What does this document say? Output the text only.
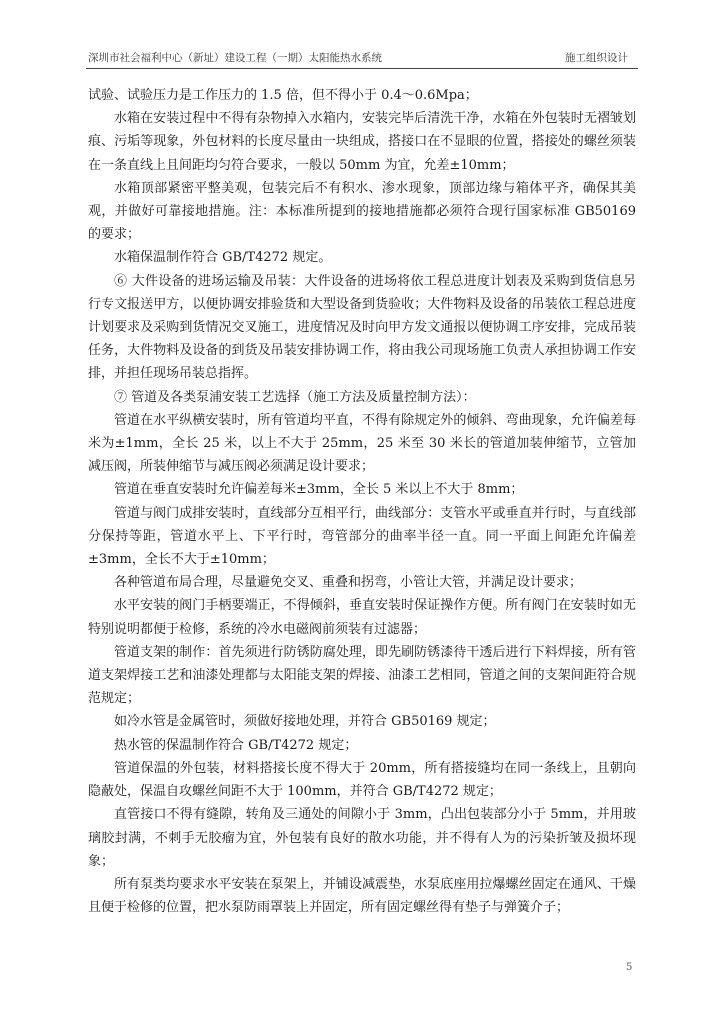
深圳市社会福利中心（新址）建设工程（一期）太阳能热水系统	施工组织设计

试验、试验压力是工作压力的 1.5 倍，但不得小于 0.4～0.6Mpa；

水箱在安装过程中不得有杂物掉入水箱内，安装完毕后清洗干净，水箱在外包装时无褶皱划痕、污垢等现象，外包材料的长度尽量由一块组成，搭接口在不显眼的位置，搭接处的螺丝须装在一条直线上且间距均匀符合要求，一般以 50mm 为宜，允差±10mm；

水箱顶部紧密平整美观，包装完后不有积水、渗水现象，顶部边缘与箱体平齐，确保其美观，并做好可靠接地措施。注：本标准所提到的接地措施都必须符合现行国家标准 GB50169 的要求；

水箱保温制作符合 GB/T4272 规定。

⑥ 大件设备的进场运输及吊装：大件设备的进场将依工程总进度计划表及采购到货信息另行专文报送甲方，以便协调安排验货和大型设备到货验收；大件物料及设备的吊装依工程总进度计划要求及采购到货情况交叉施工，进度情况及时向甲方发文通报以便协调工序安排，完成吊装任务，大件物料及设备的到货及吊装安排协调工作，将由我公司现场施工负责人承担协调工作安排，并担任现场吊装总指挥。

⑦ 管道及各类泵浦安装工艺选择（施工方法及质量控制方法）：

管道在水平纵横安装时，所有管道均平直，不得有除规定外的倾斜、弯曲现象，允许偏差每米为±1mm，全长 25 米，以上不大于 25mm，25 米至 30 米长的管道加装伸缩节，立管加减压阀，所装伸缩节与减压阀必须满足设计要求；

管道在垂直安装时允许偏差每米±3mm，全长 5 米以上不大于 8mm；

管道与阀门成排安装时，直线部分互相平行，曲线部分：支管水平或垂直并行时，与直线部分保持等距，管道水平上、下平行时，弯管部分的曲率半径一直。同一平面上间距允许偏差±3mm，全长不大于±10mm；

各种管道布局合理，尽量避免交叉、重叠和拐弯，小管让大管，并满足设计要求；

水平安装的阀门手柄要端正，不得倾斜，垂直安装时保证操作方便。所有阀门在安装时如无特别说明都便于检修，系统的冷水电磁阀前须装有过滤器；

管道支架的制作：首先须进行防锈防腐处理，即先刷防锈漆待干透后进行下料焊接，所有管道支架焊接工艺和油漆处理都与太阳能支架的焊接、油漆工艺相同，管道之间的支架间距符合规范规定；

如冷水管是金属管时，须做好接地处理，并符合 GB50169 规定；

热水管的保温制作符合 GB/T4272 规定；

管道保温的外包装，材料搭接长度不得大于 20mm，所有搭接缝均在同一条线上，且朝向隐蔽处，保温自攻螺丝间距不大于 100mm，并符合 GB/T4272 规定；

直管接口不得有缝隙，转角及三通处的间隙小于 3mm，凸出包装部分小于 5mm，并用玻璃胶封满，不刺手无胶瘤为宜，外包装有良好的散水功能，并不得有人为的污染折皱及损坏现象；

所有泵类均要求水平安装在泵架上，并铺设减震垫，水泵底座用拉爆螺丝固定在通风、干燥且便于检修的位置，把水泵防雨罩装上并固定，所有固定螺丝得有垫子与弹簧介子；

5
